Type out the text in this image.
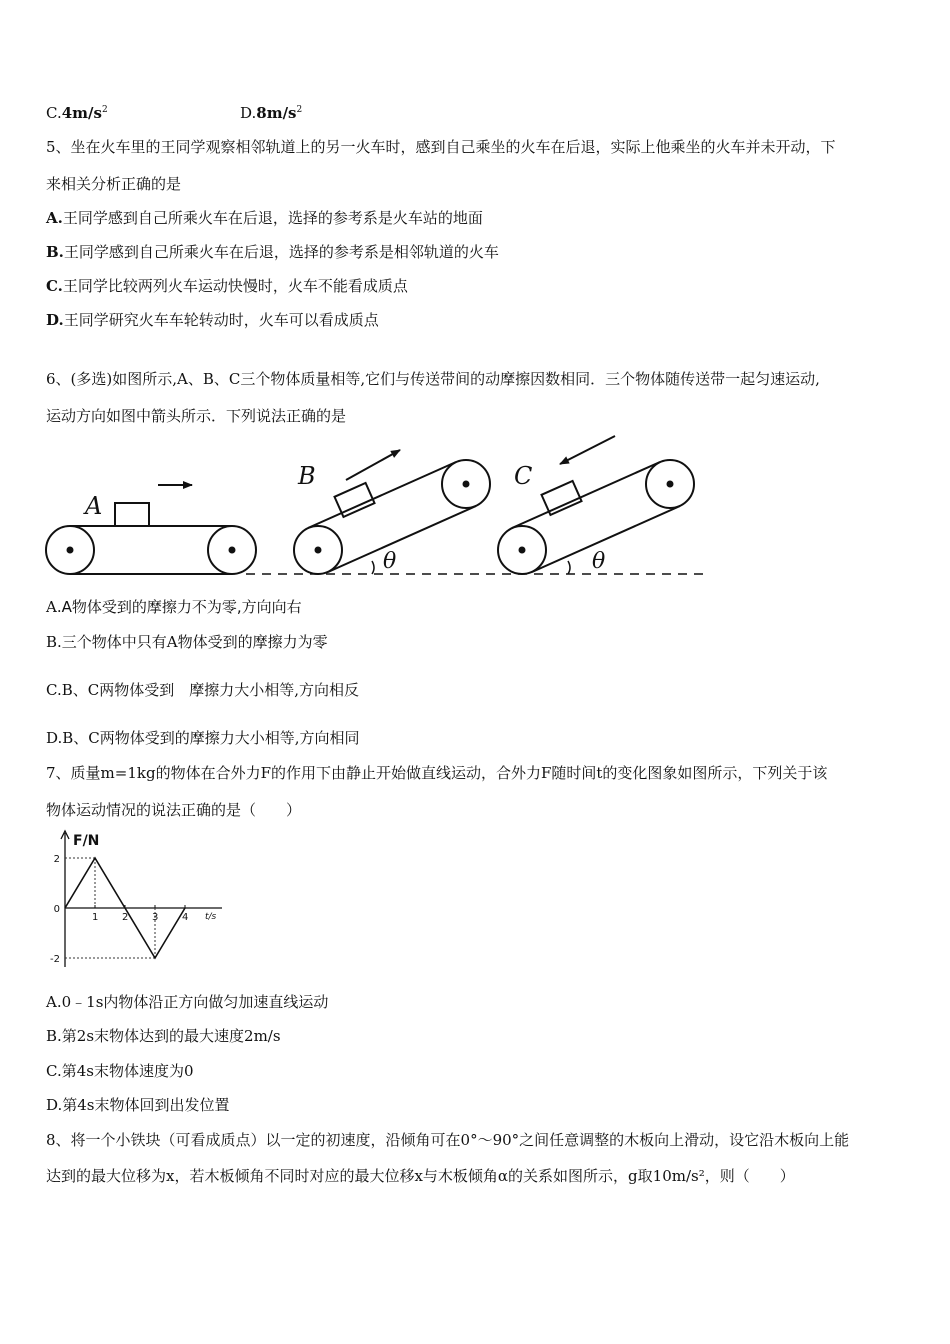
$C.4m/s^2$	$D.8m/s^2$
5、坐在火车里的王同学观察相邻轨道上的另一火车时，感到自己乘坐的火车在后退，实际上他乘坐的火车并未开动，下
来相关分析正确的是
A.王同学感到自己所乘火车在后退，选择的参考系是火车站的地面
B.王同学感到自己所乘火车在后退，选择的参考系是相邻轨道的火车
C.王同学比较两列火车运动快慢时，火车不能看成质点
D.王同学研究火车车轮转动时，火车可以看成质点
6、(多选)如图所示,A、B、C三个物体质量相等,它们与传送带间的动摩擦因数相同．三个物体随传送带一起匀速运动,
运动方向如图中箭头所示．下列说法正确的是
A
B
θ
C
θ
A.A物体受到的摩擦力不为零,方向向右
B.三个物体中只有A物体受到的摩擦力为零
C.B、C两物体受到　摩擦力大小相等,方向相反
D.B、C两物体受到的摩擦力大小相等,方向相同
7、质量m=1kg的物体在合外力F的作用下由静止开始做直线运动，合外力F随时间t的变化图象如图所示，下列关于该
物体运动情况的说法正确的是（　　）
1 2 3 4
2
0
-2
F/N
t/s
A.0﹣1s内物体沿正方向做匀加速直线运动
B.第2s末物体达到的最大速度2m/s
C.第4s末物体速度为0
D.第4s末物体回到出发位置
8、将一个小铁块（可看成质点）以一定的初速度，沿倾角可在0°～90°之间任意调整的木板向上滑动，设它沿木板向上能
达到的最大位移为x，若木板倾角不同时对应的最大位移x与木板倾角α的关系如图所示，g取10m/s²，则（　　）
